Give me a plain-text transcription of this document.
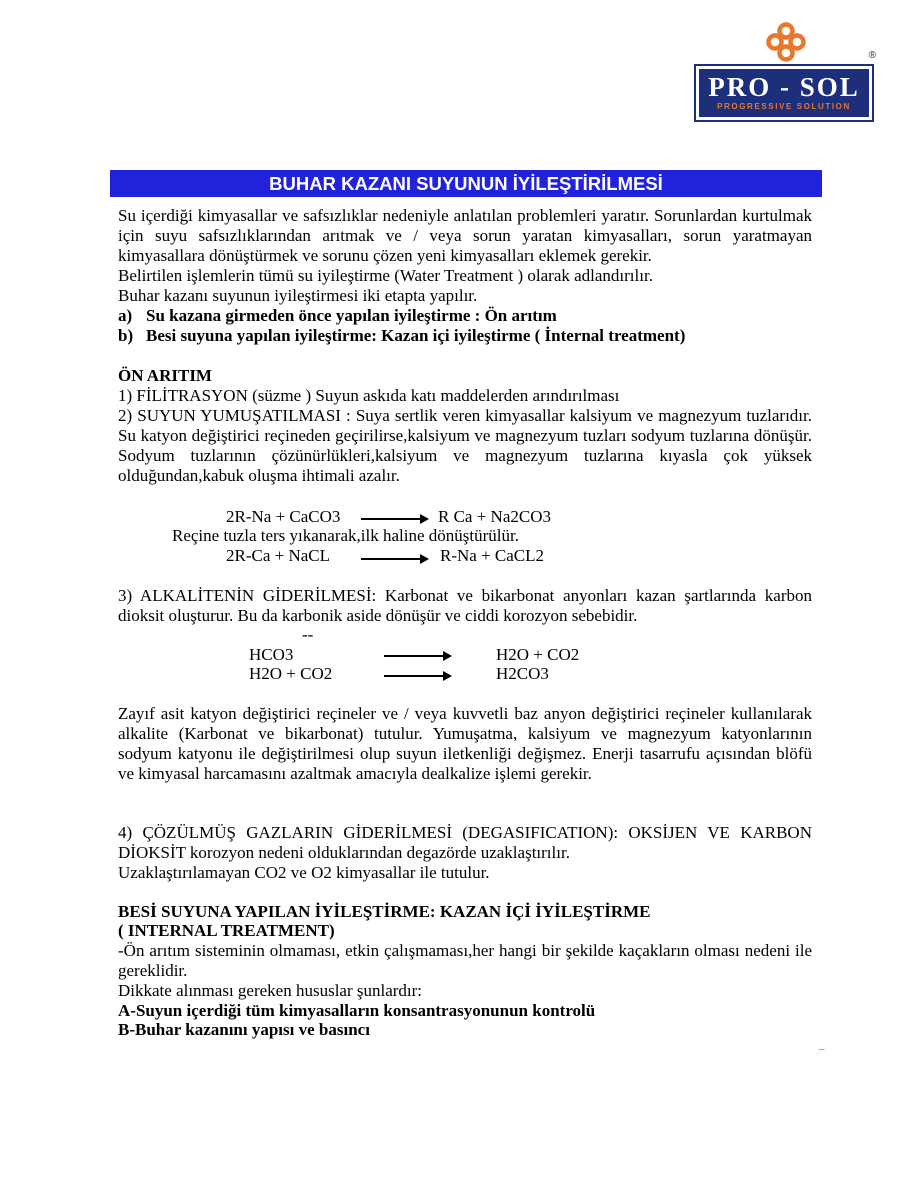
®
PRO - SOL
PROGRESSIVE SOLUTION
BUHAR KAZANI SUYUNUN İYİLEŞTİRİLMESİ

Su içerdiği kimyasallar ve safsızlıklar nedeniyle anlatılan problemleri yaratır. Sorunlardan kurtulmak için suyu safsızlıklarından arıtmak ve / veya sorun yaratan kimyasalları, sorun yaratmayan kimyasallara dönüştürmek ve sorunu çözen yeni kimyasalları eklemek gerekir.

Belirtilen işlemlerin tümü su iyileştirme (Water Treatment ) olarak adlandırılır.

Buhar kazanı suyunun iyileştirmesi iki etapta yapılır.

a) Su kazana girmeden önce yapılan iyileştirme : Ön arıtım

b) Besi suyuna yapılan iyileştirme: Kazan içi iyileştirme ( İnternal treatment)

ÖN ARITIM

1) FİLİTRASYON (süzme ) Suyun askıda katı maddelerden arındırılması

2) SUYUN YUMUŞATILMASI : Suya sertlik veren kimyasallar kalsiyum ve magnezyum tuzlarıdır. Su katyon değiştirici reçineden geçirilirse,kalsiyum ve magnezyum tuzları sodyum tuzlarına dönüşür. Sodyum tuzlarının çözünürlükleri,kalsiyum ve magnezyum tuzlarına kıyasla çok yüksek olduğundan,kabuk oluşma ihtimali azalır.

2R-Na + CaCO3	R Ca + Na2CO3
Reçine tuzla ters yıkanarak,ilk haline dönüştürülür.
2R-Ca + NaCL	R-Na + CaCL2

3) ALKALİTENİN GİDERİLMESİ: Karbonat ve bikarbonat anyonları kazan şartlarında karbon dioksit oluşturur. Bu da karbonik aside dönüşür ve ciddi korozyon sebebidir.

--
HCO3	H2O + CO2
H2O + CO2	H2CO3

Zayıf asit katyon değiştirici reçineler ve / veya kuvvetli baz anyon değiştirici reçineler kullanılarak alkalite (Karbonat ve bikarbonat) tutulur. Yumuşatma, kalsiyum ve magnezyum katyonlarının sodyum katyonu ile değiştirilmesi olup suyun iletkenliği değişmez. Enerji tasarrufu açısından blöfü ve kimyasal harcamasını azaltmak amacıyla dealkalize işlemi gerekir.

4) ÇÖZÜLMÜŞ GAZLARIN GİDERİLMESİ (DEGASIFICATION): OKSİJEN VE KARBON DİOKSİT korozyon nedeni olduklarından degazörde uzaklaştırılır.

Uzaklaştırılamayan CO2 ve O2 kimyasallar ile tutulur.

BESİ SUYUNA YAPILAN İYİLEŞTİRME: KAZAN İÇİ İYİLEŞTİRME

( INTERNAL TREATMENT)

-Ön arıtım sisteminin olmaması, etkin çalışmaması,her hangi bir şekilde kaçakların olması nedeni ile gereklidir.

Dikkate alınması gereken hususlar şunlardır:

A-Suyun içerdiği tüm kimyasalların konsantrasyonunun kontrolü

B-Buhar kazanını yapısı ve basıncı

–
